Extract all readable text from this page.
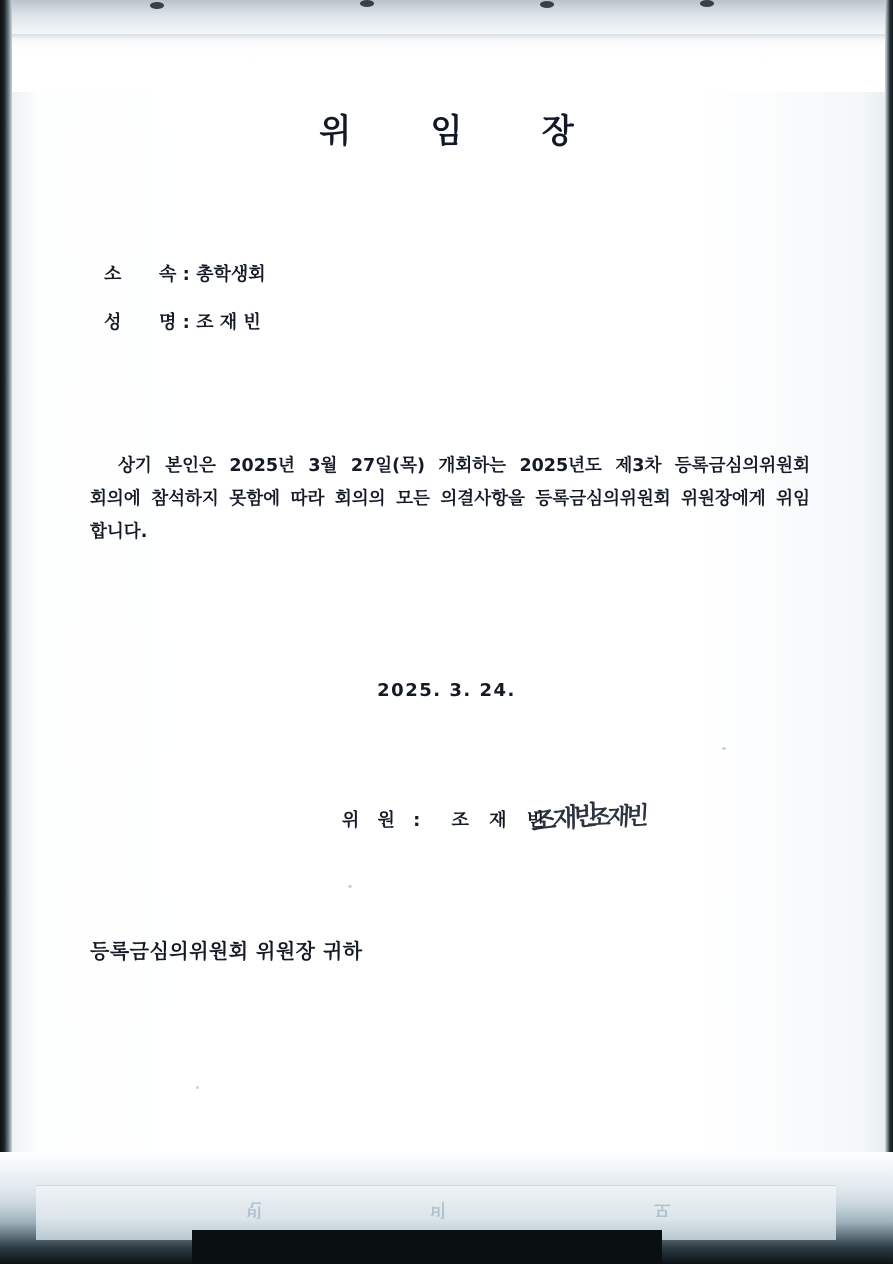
위 임 장
소      속 : 총학생회
성      명 : 조 재 빈
상기 본인은 2025년 3월 27일(목) 개회하는 2025년도 제3차 등록금심의위원회 회의에 참석하지 못함에 따라 회의의 모든 의결사항을 등록금심의위원회 위원장에게 위임합니다.
2025. 3. 24.
위 원 : 조 재 빈
조재빈조재빈
등록금심의위원회 위원장 귀하
빈	비	모
